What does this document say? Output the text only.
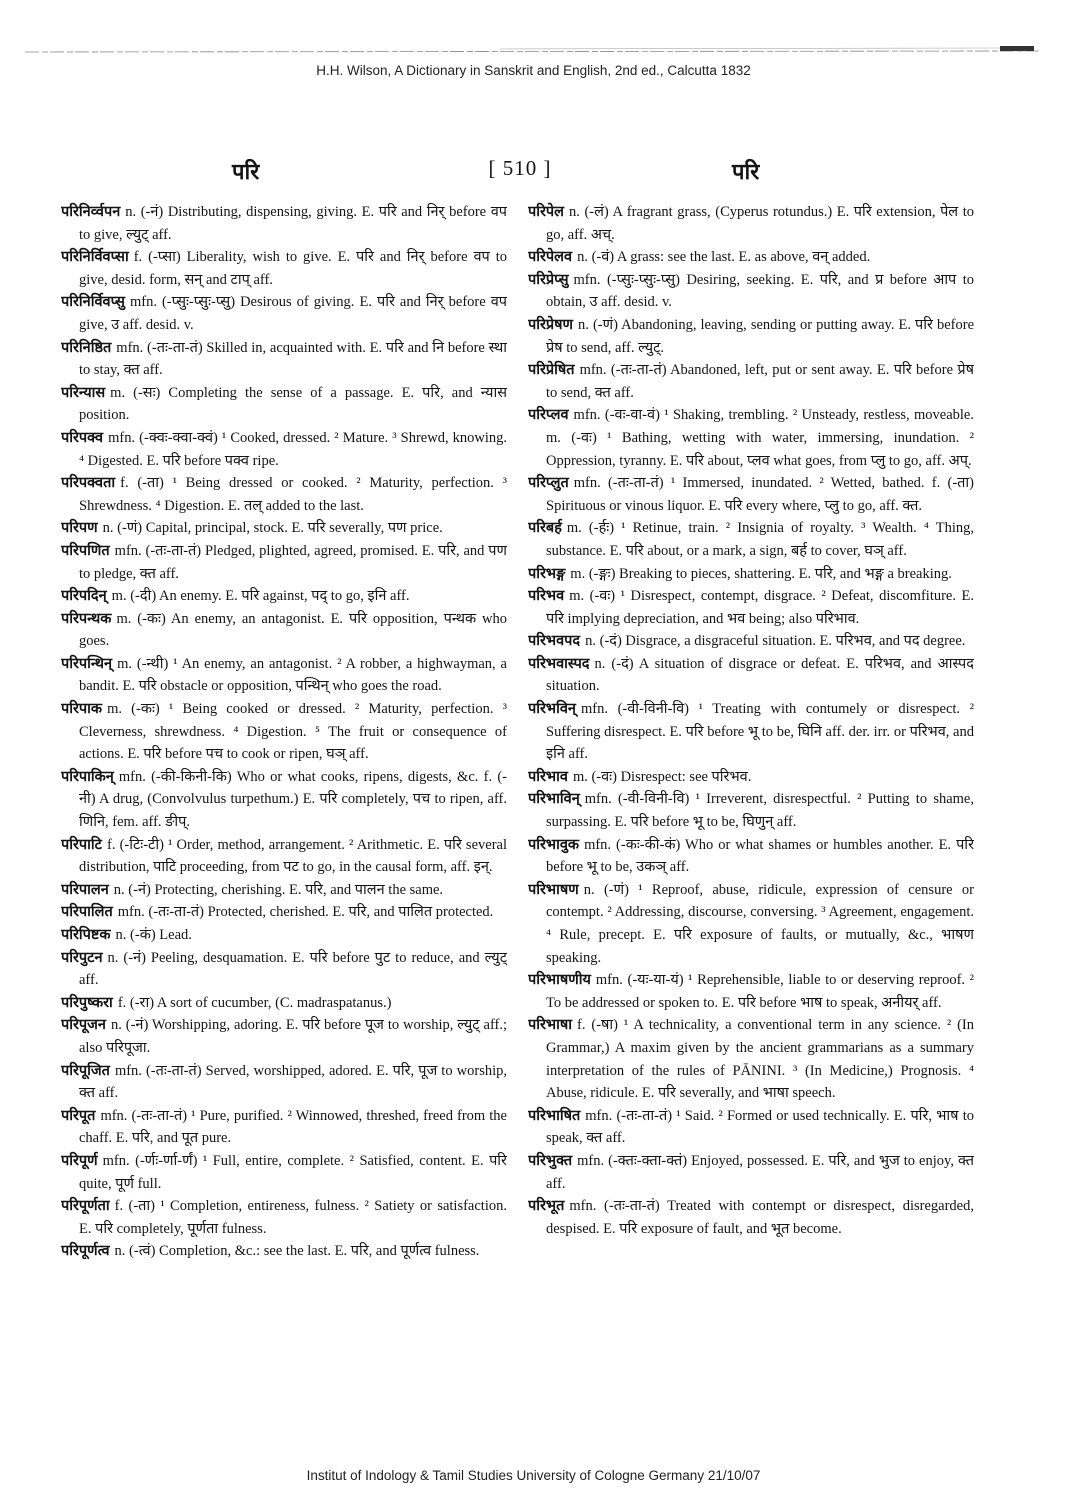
H.H. Wilson, A Dictionary in Sanskrit and English, 2nd ed., Calcutta 1832
परि	[ 510 ]	परि

परिनिर्व्वपन n. (-नं) Distributing, dispensing, giving. E. परि and निर् before वप to give, ल्युट् aff.

परिनिर्विवप्सा f. (-प्सा) Liberality, wish to give. E. परि and निर् before वप to give, desid. form, सन् and टाप् aff.

परिनिर्विवप्सु mfn. (-प्सुः-प्सुः-प्सु) Desirous of giving. E. परि and निर् before वप give, उ aff. desid. v.

परिनिष्ठित mfn. (-तः-ता-तं) Skilled in, acquainted with. E. परि and नि before स्था to stay, क्त aff.

परिन्यास m. (-सः) Completing the sense of a passage. E. परि, and न्यास position.

परिपक्व mfn. (-क्वः-क्वा-क्वं) ¹ Cooked, dressed. ² Mature. ³ Shrewd, knowing. ⁴ Digested. E. परि before पक्व ripe.

परिपक्वता f. (-ता) ¹ Being dressed or cooked. ² Maturity, perfection. ³ Shrewdness. ⁴ Digestion. E. तल् added to the last.

परिपण n. (-णं) Capital, principal, stock. E. परि severally, पण price.

परिपणित mfn. (-तः-ता-तं) Pledged, plighted, agreed, promised. E. परि, and पण to pledge, क्त aff.

परिपदिन् m. (-दी) An enemy. E. परि against, पद् to go, इनि aff.

परिपन्थक m. (-कः) An enemy, an antagonist. E. परि opposition, पन्थक who goes.

परिपन्थिन् m. (-न्थी) ¹ An enemy, an antagonist. ² A robber, a highwayman, a bandit. E. परि obstacle or opposition, पन्थिन् who goes the road.

परिपाक m. (-कः) ¹ Being cooked or dressed. ² Maturity, perfection. ³ Cleverness, shrewdness. ⁴ Digestion. ⁵ The fruit or consequence of actions. E. परि before पच to cook or ripen, घञ् aff.

परिपाकिन् mfn. (-की-किनी-कि) Who or what cooks, ripens, digests, &c. f. (-नी) A drug, (Convolvulus turpethum.) E. परि completely, पच to ripen, aff. णिनि, fem. aff. ङीप्.

परिपाटि f. (-टिः-टी) ¹ Order, method, arrangement. ² Arithmetic. E. परि several distribution, पाटि proceeding, from पट to go, in the causal form, aff. इन्.

परिपालन n. (-नं) Protecting, cherishing. E. परि, and पालन the same.

परिपालित mfn. (-तः-ता-तं) Protected, cherished. E. परि, and पालित protected.

परिपिष्टक n. (-कं) Lead.

परिपुटन n. (-नं) Peeling, desquamation. E. परि before पुट to reduce, and ल्युट् aff.

परिपुष्करा f. (-रा) A sort of cucumber, (C. madraspatanus.)

परिपूजन n. (-नं) Worshipping, adoring. E. परि before पूज to worship, ल्युट् aff.; also परिपूजा.

परिपूजित mfn. (-तः-ता-तं) Served, worshipped, adored. E. परि, पूज to worship, क्त aff.

परिपूत mfn. (-तः-ता-तं) ¹ Pure, purified. ² Winnowed, threshed, freed from the chaff. E. परि, and पूत pure.

परिपूर्ण mfn. (-र्णः-र्णा-र्णं) ¹ Full, entire, complete. ² Satisfied, content. E. परि quite, पूर्ण full.

परिपूर्णता f. (-ता) ¹ Completion, entireness, fulness. ² Satiety or satisfaction. E. परि completely, पूर्णता fulness.

परिपूर्णत्व n. (-त्वं) Completion, &c.: see the last. E. परि, and पूर्णत्व fulness.

परिपेल n. (-लं) A fragrant grass, (Cyperus rotundus.) E. परि extension, पेल to go, aff. अच्.

परिपेलव n. (-वं) A grass: see the last. E. as above, वन् added.

परिप्रेप्सु mfn. (-प्सुः-प्सुः-प्सु) Desiring, seeking. E. परि, and प्र before आप to obtain, उ aff. desid. v.

परिप्रेषण n. (-णं) Abandoning, leaving, sending or putting away. E. परि before प्रेष to send, aff. ल्युट्.

परिप्रेषित mfn. (-तः-ता-तं) Abandoned, left, put or sent away. E. परि before प्रेष to send, क्त aff.

परिप्लव mfn. (-वः-वा-वं) ¹ Shaking, trembling. ² Unsteady, restless, moveable. m. (-वः) ¹ Bathing, wetting with water, immersing, inundation. ² Oppression, tyranny. E. परि about, प्लव what goes, from प्लु to go, aff. अप्.

परिप्लुत mfn. (-तः-ता-तं) ¹ Immersed, inundated. ² Wetted, bathed. f. (-ता) Spirituous or vinous liquor. E. परि every where, प्लु to go, aff. क्त.

परिबर्ह m. (-र्हः) ¹ Retinue, train. ² Insignia of royalty. ³ Wealth. ⁴ Thing, substance. E. परि about, or a mark, a sign, बर्ह to cover, घञ् aff.

परिभङ्ग m. (-ङ्गः) Breaking to pieces, shattering. E. परि, and भङ्ग a breaking.

परिभव m. (-वः) ¹ Disrespect, contempt, disgrace. ² Defeat, discomfiture. E. परि implying depreciation, and भव being; also परिभाव.

परिभवपद n. (-दं) Disgrace, a disgraceful situation. E. परिभव, and पद degree.

परिभवास्पद n. (-दं) A situation of disgrace or defeat. E. परिभव, and आस्पद situation.

परिभविन् mfn. (-वी-विनी-वि) ¹ Treating with contumely or disrespect. ² Suffering disrespect. E. परि before भू to be, घिनि aff. der. irr. or परिभव, and इनि aff.

परिभाव m. (-वः) Disrespect: see परिभव.

परिभाविन् mfn. (-वी-विनी-वि) ¹ Irreverent, disrespectful. ² Putting to shame, surpassing. E. परि before भू to be, घिणुन् aff.

परिभावुक mfn. (-कः-की-कं) Who or what shames or humbles another. E. परि before भू to be, उकञ् aff.

परिभाषण n. (-णं) ¹ Reproof, abuse, ridicule, expression of censure or contempt. ² Addressing, discourse, conversing. ³ Agreement, engagement. ⁴ Rule, precept. E. परि exposure of faults, or mutually, &c., भाषण speaking.

परिभाषणीय mfn. (-यः-या-यं) ¹ Reprehensible, liable to or deserving reproof. ² To be addressed or spoken to. E. परि before भाष to speak, अनीयर् aff.

परिभाषा f. (-षा) ¹ A technicality, a conventional term in any science. ² (In Grammar,) A maxim given by the ancient grammarians as a summary interpretation of the rules of PĀNINI. ³ (In Medicine,) Prognosis. ⁴ Abuse, ridicule. E. परि severally, and भाषा speech.

परिभाषित mfn. (-तः-ता-तं) ¹ Said. ² Formed or used technically. E. परि, भाष to speak, क्त aff.

परिभुक्त mfn. (-क्तः-क्ता-क्तं) Enjoyed, possessed. E. परि, and भुज to enjoy, क्त aff.

परिभूत mfn. (-तः-ता-तं) Treated with contempt or disrespect, disregarded, despised. E. परि exposure of fault, and भूत become.

Institut of Indology & Tamil Studies University of Cologne Germany 21/10/07
